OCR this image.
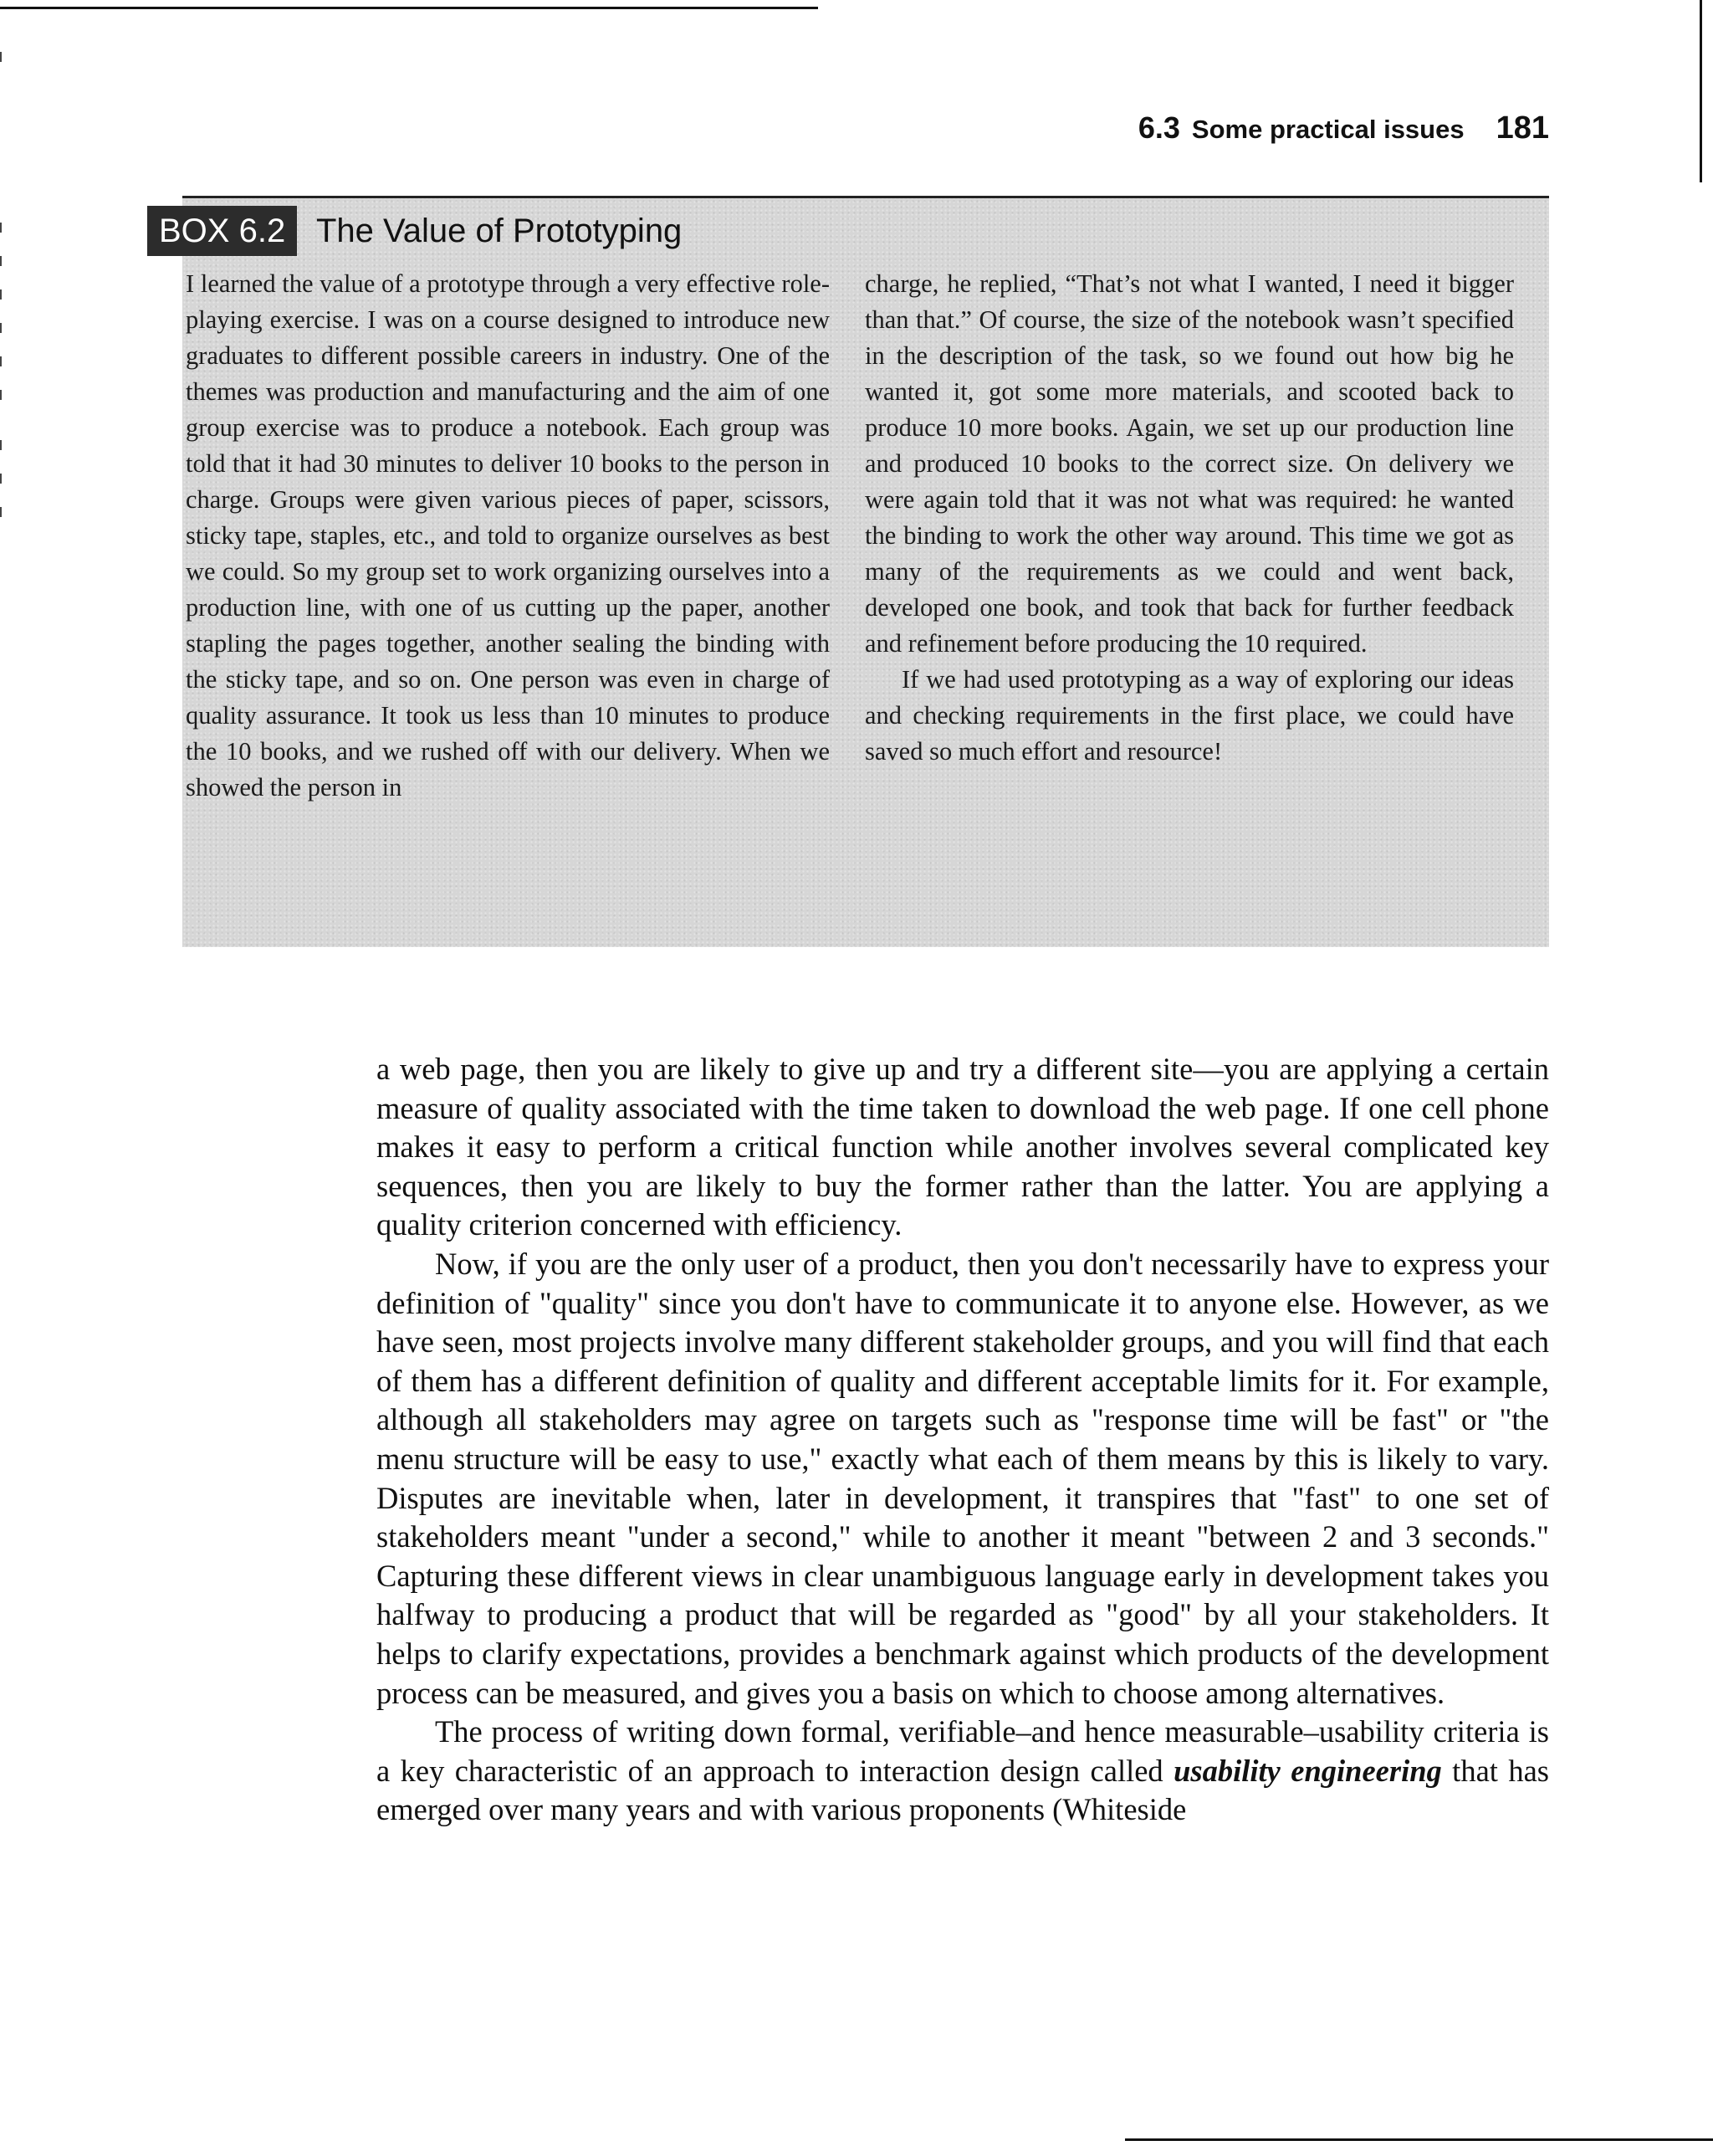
6.3 Some practical issues 181
BOX 6.2 The Value of Prototyping

I learned the value of a prototype through a very effective role-playing exercise. I was on a course designed to introduce new graduates to different possible careers in industry. One of the themes was production and manufacturing and the aim of one group exercise was to produce a notebook. Each group was told that it had 30 minutes to deliver 10 books to the person in charge. Groups were given various pieces of paper, scissors, sticky tape, staples, etc., and told to organize ourselves as best we could. So my group set to work organizing ourselves into a production line, with one of us cutting up the paper, another stapling the pages together, another sealing the binding with the sticky tape, and so on. One person was even in charge of quality assurance. It took us less than 10 minutes to produce the 10 books, and we rushed off with our delivery. When we showed the person in

charge, he replied, “That’s not what I wanted, I need it bigger than that.” Of course, the size of the notebook wasn’t specified in the description of the task, so we found out how big he wanted it, got some more materials, and scooted back to produce 10 more books. Again, we set up our production line and produced 10 books to the correct size. On delivery we were again told that it was not what was required: he wanted the binding to work the other way around. This time we got as many of the requirements as we could and went back, developed one book, and took that back for further feedback and refinement before producing the 10 required.

If we had used prototyping as a way of exploring our ideas and checking requirements in the first place, we could have saved so much effort and resource!

a web page, then you are likely to give up and try a different site—you are applying a certain measure of quality associated with the time taken to download the web page. If one cell phone makes it easy to perform a critical function while another involves several complicated key sequences, then you are likely to buy the former rather than the latter. You are applying a quality criterion concerned with efficiency.

Now, if you are the only user of a product, then you don't necessarily have to express your definition of "quality" since you don't have to communicate it to anyone else. However, as we have seen, most projects involve many different stakeholder groups, and you will find that each of them has a different definition of quality and different acceptable limits for it. For example, although all stakeholders may agree on targets such as "response time will be fast" or "the menu structure will be easy to use," exactly what each of them means by this is likely to vary. Disputes are inevitable when, later in development, it transpires that "fast" to one set of stakeholders meant "under a second," while to another it meant "between 2 and 3 seconds." Capturing these different views in clear unambiguous language early in development takes you halfway to producing a product that will be regarded as "good" by all your stakeholders. It helps to clarify expectations, provides a benchmark against which products of the development process can be measured, and gives you a basis on which to choose among alternatives.

The process of writing down formal, verifiable–and hence measurable–usability criteria is a key characteristic of an approach to interaction design called usability engineering that has emerged over many years and with various proponents (Whiteside
